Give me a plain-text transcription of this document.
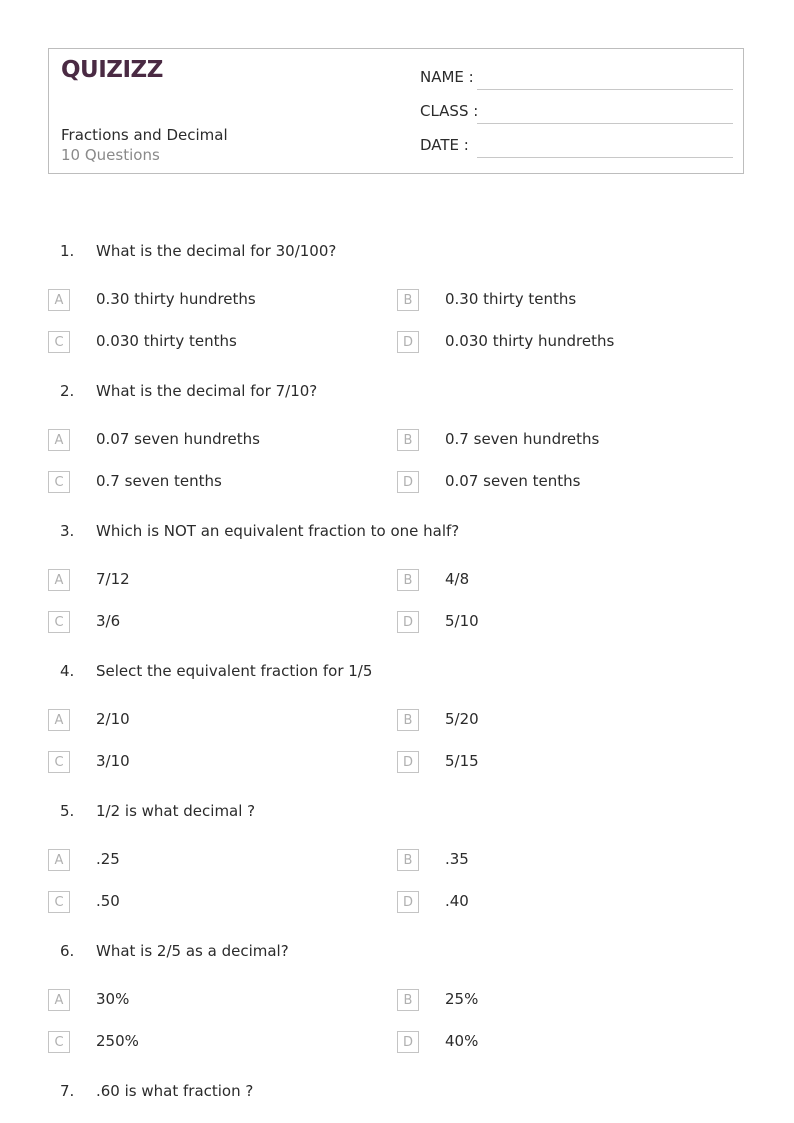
QUIZIZZ
Fractions and Decimal
10 Questions
NAME :
CLASS :
DATE :
1. What is the decimal for 30/100?
A	0.30 thirty hundreths	B	0.30 thirty tenths
C	0.030 thirty tenths	D	0.030 thirty hundreths
2. What is the decimal for 7/10?
A	0.07 seven hundreths	B	0.7 seven hundreths
C	0.7 seven tenths	D	0.07 seven tenths
3. Which is NOT an equivalent fraction to one half?
A	7/12	B	4/8
C	3/6	D	5/10
4. Select the equivalent fraction for 1/5
A	2/10	B	5/20
C	3/10	D	5/15
5. 1/2 is what decimal ?
A	.25	B	.35
C	.50	D	.40
6. What is 2/5 as a decimal?
A	30%	B	25%
C	250%	D	40%
7. .60 is what fraction ?
